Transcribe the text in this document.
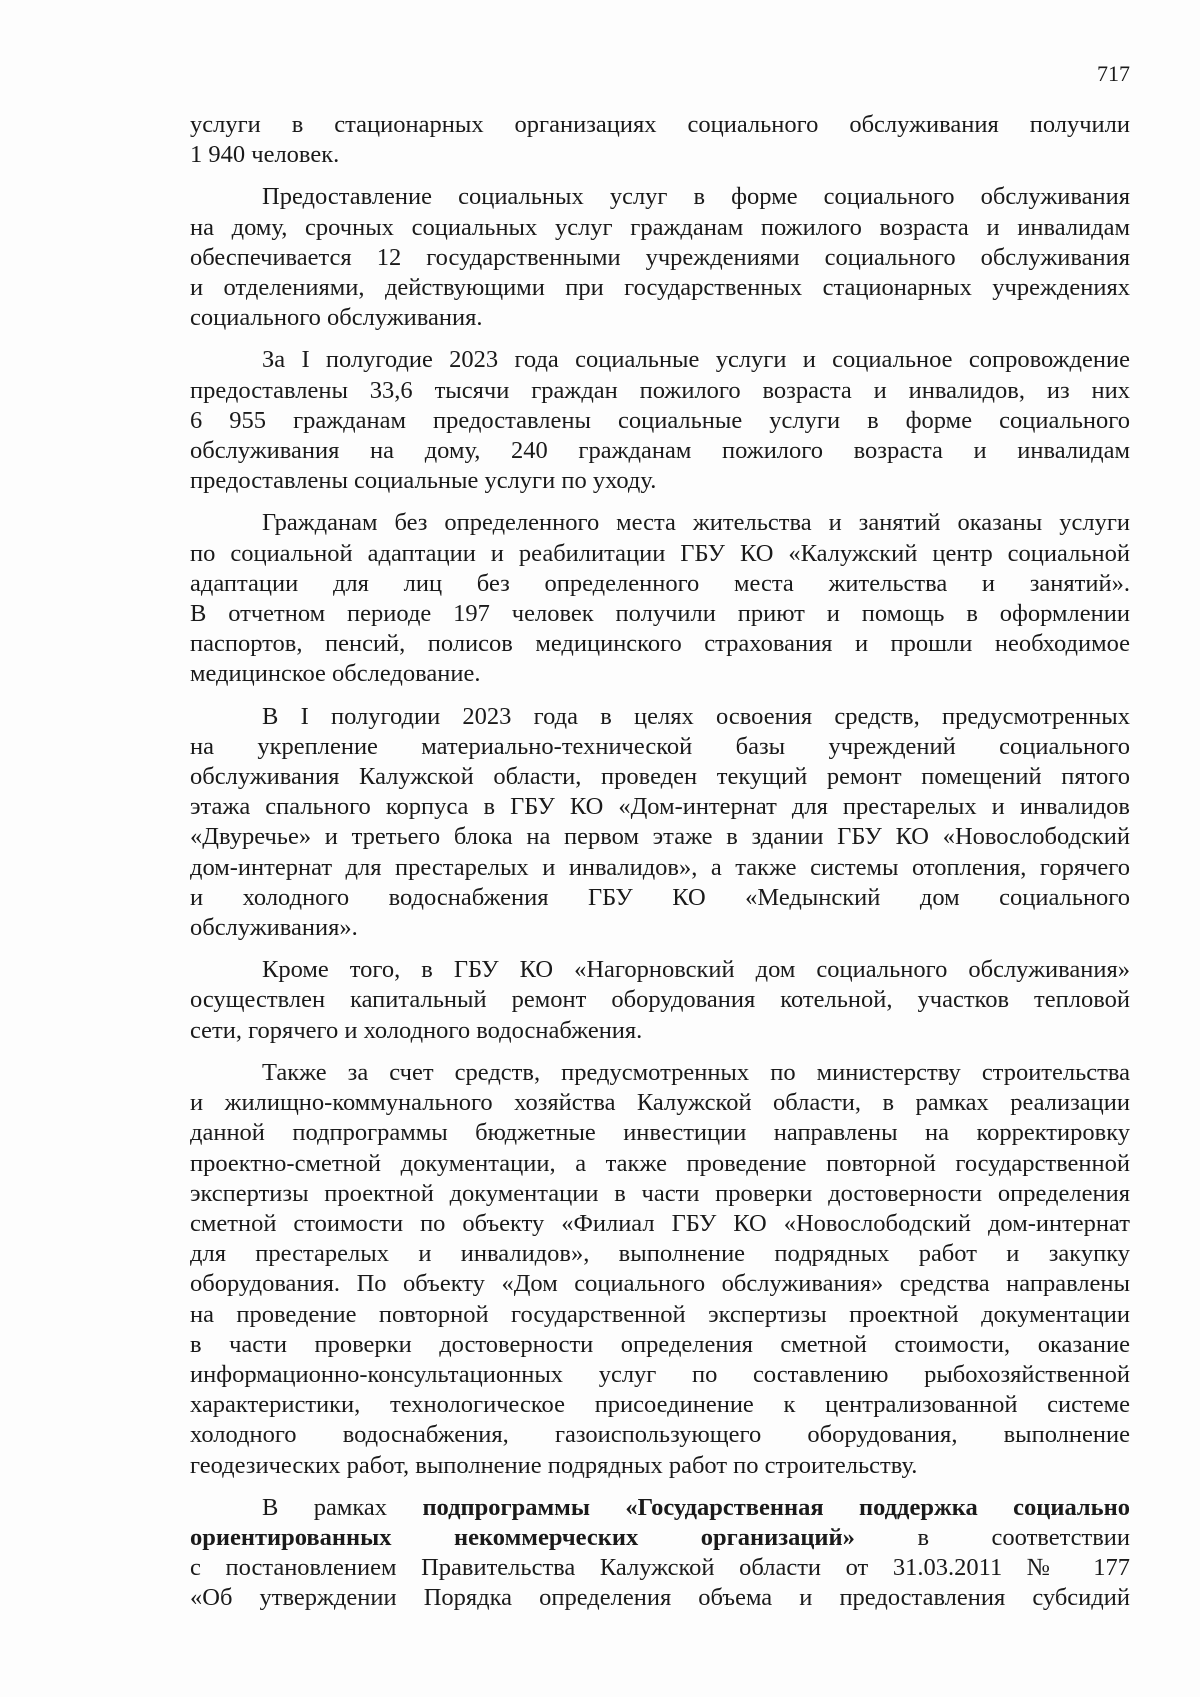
717
услуги в стационарных организациях социального обслуживания получили
1 940 человек.
Предоставление социальных услуг в форме социального обслуживания
на дому, срочных социальных услуг гражданам пожилого возраста и инвалидам
обеспечивается 12 государственными учреждениями социального обслуживания
и отделениями, действующими при государственных стационарных учреждениях
социального обслуживания.
За I полугодие 2023 года социальные услуги и социальное сопровождение
предоставлены 33,6 тысячи граждан пожилого возраста и инвалидов, из них
6 955 гражданам предоставлены социальные услуги в форме социального
обслуживания на дому, 240 гражданам пожилого возраста и инвалидам
предоставлены социальные услуги по уходу.
Гражданам без определенного места жительства и занятий оказаны услуги
по социальной адаптации и реабилитации ГБУ КО «Калужский центр социальной
адаптации для лиц без определенного места жительства и занятий».
В отчетном периоде 197 человек получили приют и помощь в оформлении
паспортов, пенсий, полисов медицинского страхования и прошли необходимое
медицинское обследование.
В I полугодии 2023 года в целях освоения средств, предусмотренных
на укрепление материально-технической базы учреждений социального
обслуживания Калужской области, проведен текущий ремонт помещений пятого
этажа спального корпуса в ГБУ КО «Дом-интернат для престарелых и инвалидов
«Двуречье» и третьего блока на первом этаже в здании ГБУ КО «Новослободский
дом-интернат для престарелых и инвалидов», а также системы отопления, горячего
и холодного водоснабжения ГБУ КО «Медынский дом социального
обслуживания».
Кроме того, в ГБУ КО «Нагорновский дом социального обслуживания»
осуществлен капитальный ремонт оборудования котельной, участков тепловой
сети, горячего и холодного водоснабжения.
Также за счет средств, предусмотренных по министерству строительства
и жилищно-коммунального хозяйства Калужской области, в рамках реализации
данной подпрограммы бюджетные инвестиции направлены на корректировку
проектно-сметной документации, а также проведение повторной государственной
экспертизы проектной документации в части проверки достоверности определения
сметной стоимости по объекту «Филиал ГБУ КО «Новослободский дом-интернат
для престарелых и инвалидов», выполнение подрядных работ и закупку
оборудования. По объекту «Дом социального обслуживания» средства направлены
на проведение повторной государственной экспертизы проектной документации
в части проверки достоверности определения сметной стоимости, оказание
информационно-консультационных услуг по составлению рыбохозяйственной
характеристики, технологическое присоединение к централизованной системе
холодного водоснабжения, газоиспользующего оборудования, выполнение
геодезических работ, выполнение подрядных работ по строительству.
В рамках подпрограммы «Государственная поддержка социально
ориентированных некоммерческих организаций»	в соответствии
с постановлением Правительства Калужской области от 31.03.2011 № 177
«Об утверждении Порядка определения объема и предоставления субсидий
